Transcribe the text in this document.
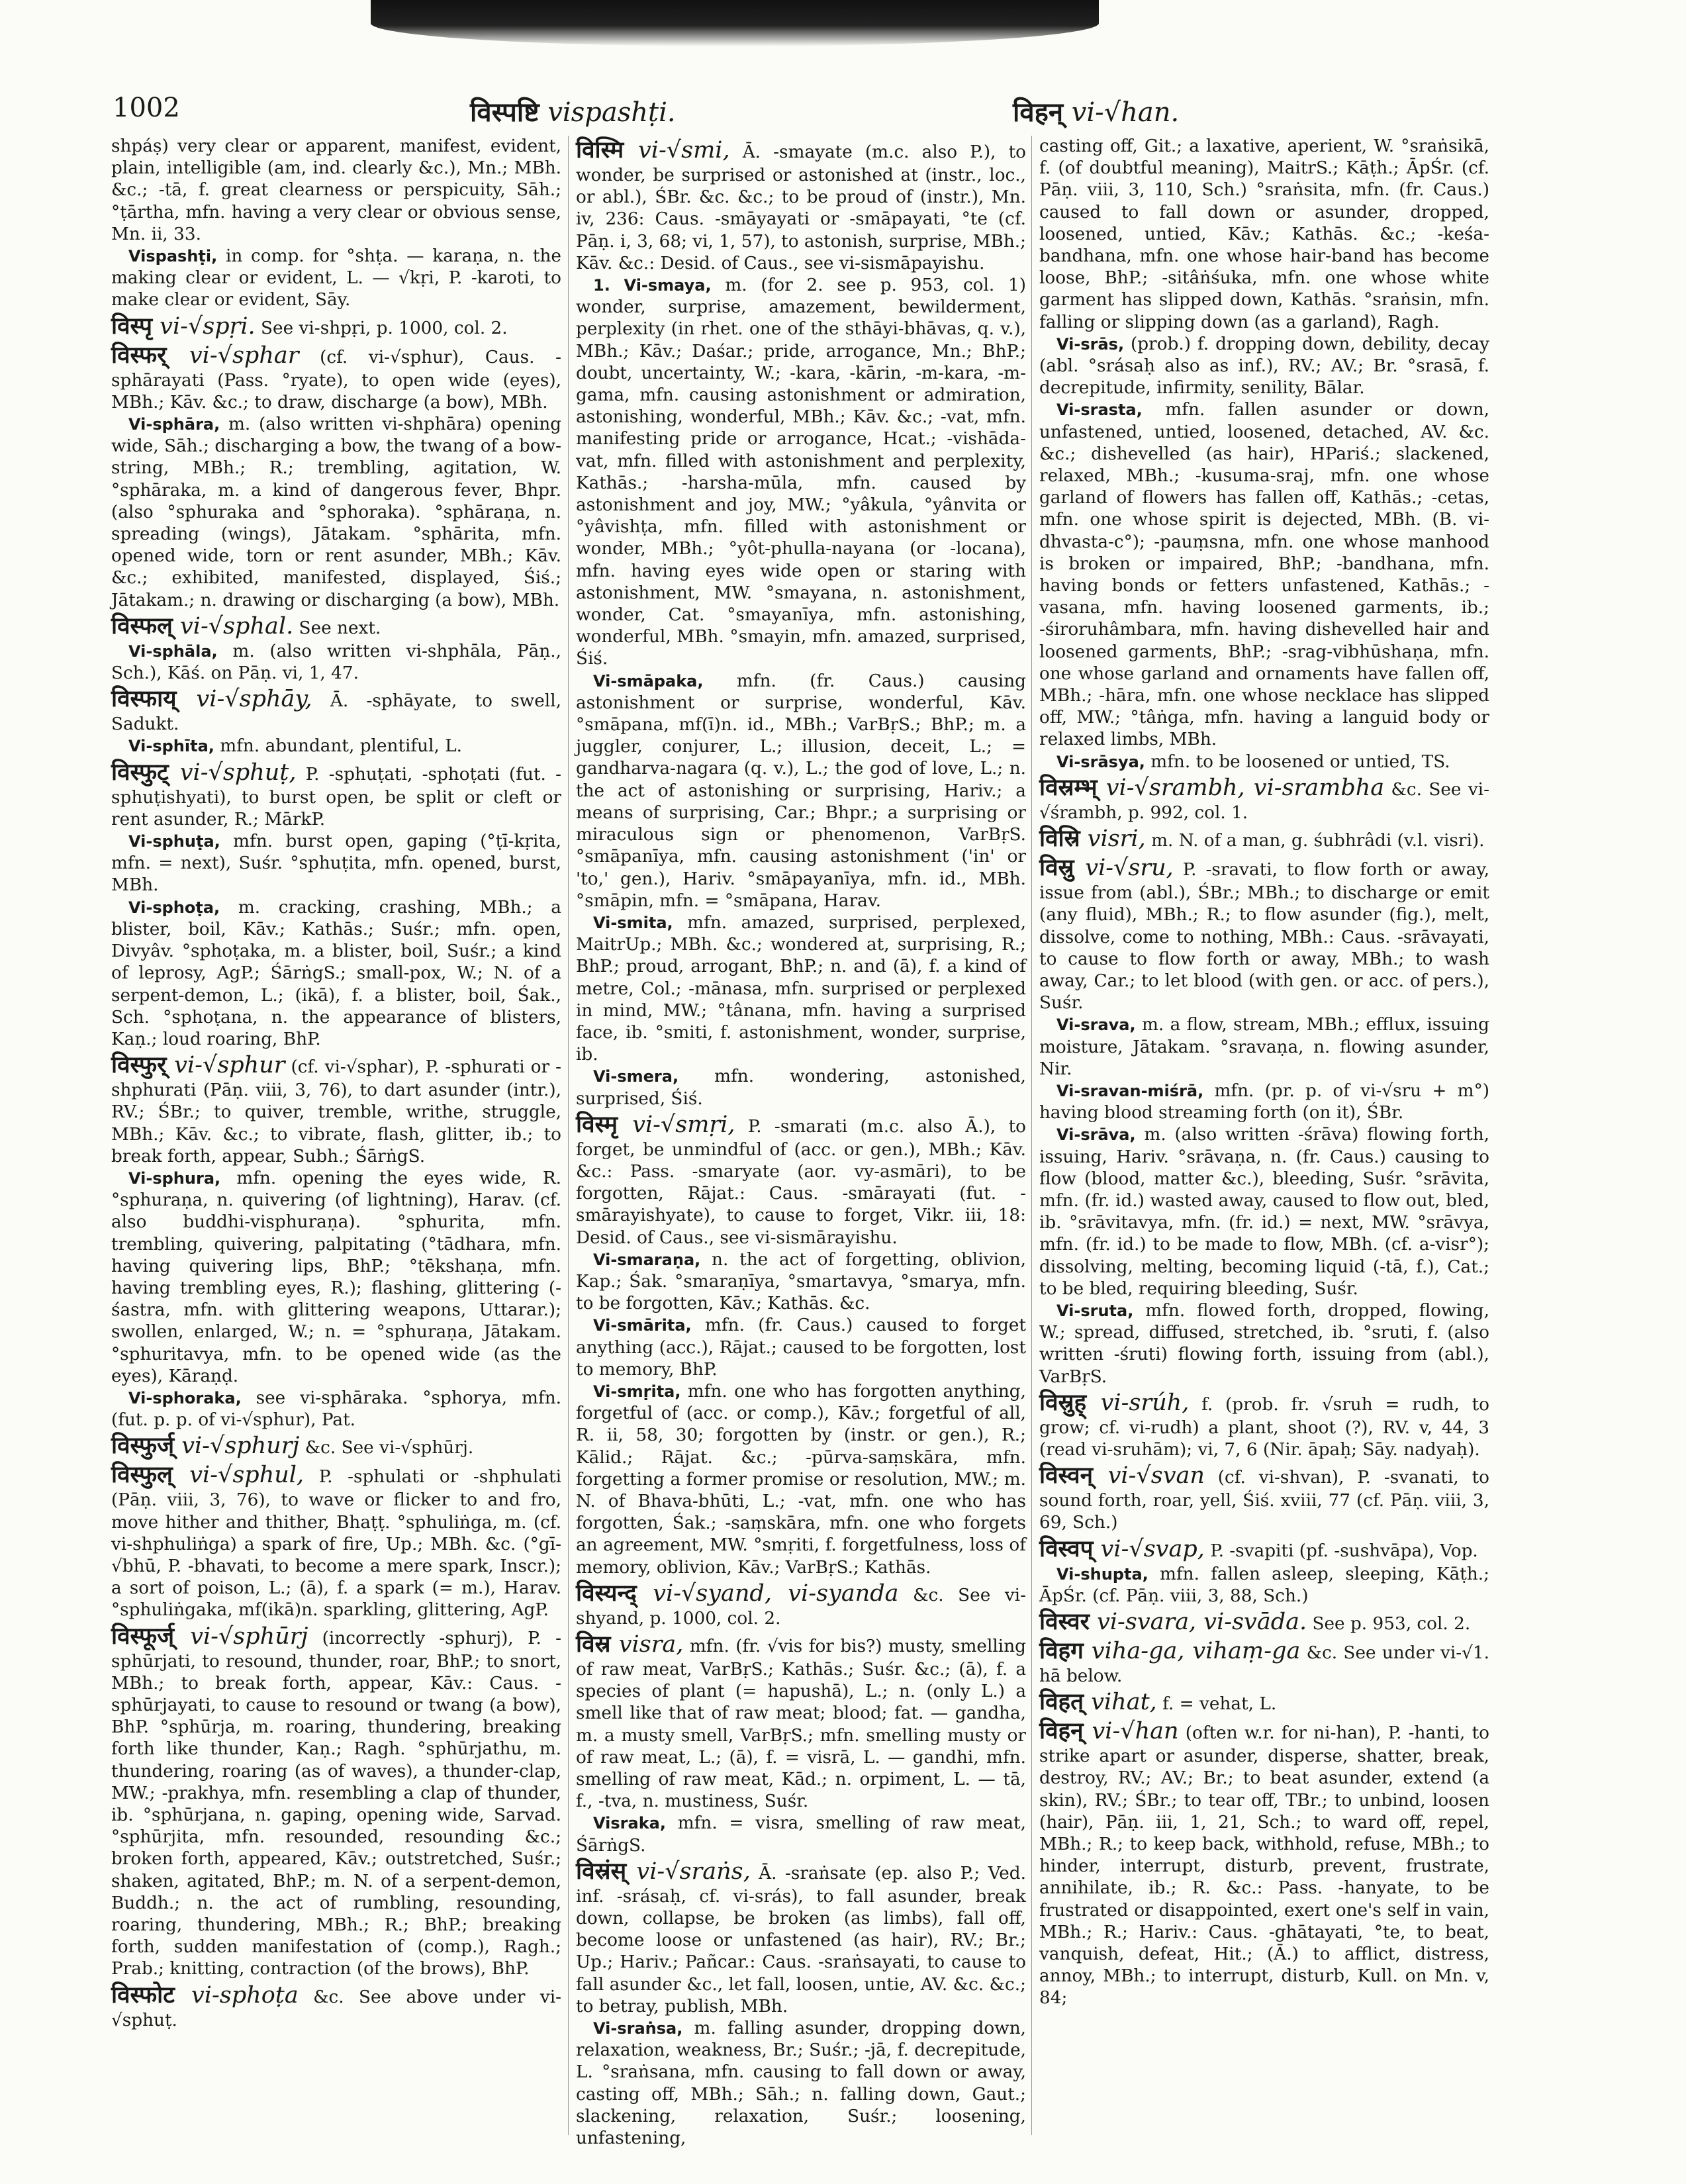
1002	विस्पष्टि vispashṭi.	विहन् vi-√han.

shpáṣ) very clear or apparent, manifest, evident, plain, intelligible (am, ind. clearly &c.), Mn.; MBh. &c.; -tā, f. great clearness or perspicuity, Sāh.; °ṭārtha, mfn. having a very clear or obvious sense, Mn. ii, 33.

Vispashṭi, in comp. for °shṭa. — karaṇa, n. the making clear or evident, L. — √kṛi, P. -karoti, to make clear or evident, Sāy.

विस्पृ vi-√spṛi. See vi-shpṛi, p. 1000, col. 2.

विस्फर् vi-√sphar (cf. vi-√sphur), Caus. -sphārayati (Pass. °ryate), to open wide (eyes), MBh.; Kāv. &c.; to draw, discharge (a bow), MBh.

Vi-sphāra, m. (also written vi-shphāra) opening wide, Sāh.; discharging a bow, the twang of a bow-string, MBh.; R.; trembling, agitation, W. °sphāraka, m. a kind of dangerous fever, Bhpr. (also °sphuraka and °sphoraka). °sphāraṇa, n. spreading (wings), Jātakam. °sphārita, mfn. opened wide, torn or rent asunder, MBh.; Kāv. &c.; exhibited, manifested, displayed, Śiś.; Jātakam.; n. drawing or discharging (a bow), MBh.

विस्फल् vi-√sphal. See next.

Vi-sphāla, m. (also written vi-shphāla, Pāṇ., Sch.), Kāś. on Pāṇ. vi, 1, 47.

विस्फाय् vi-√sphāy, Ā. -sphāyate, to swell, Sadukt.

Vi-sphīta, mfn. abundant, plentiful, L.

विस्फुट् vi-√sphuṭ, P. -sphuṭati, -sphoṭati (fut. -sphuṭishyati), to burst open, be split or cleft or rent asunder, R.; MārkP.

Vi-sphuṭa, mfn. burst open, gaping (°ṭī-kṛita, mfn. = next), Suśr. °sphuṭita, mfn. opened, burst, MBh.

Vi-sphoṭa, m. cracking, crashing, MBh.; a blister, boil, Kāv.; Kathās.; Suśr.; mfn. open, Divyâv. °sphoṭaka, m. a blister, boil, Suśr.; a kind of leprosy, AgP.; ŚārṅgS.; small-pox, W.; N. of a serpent-demon, L.; (ikā), f. a blister, boil, Śak., Sch. °sphoṭana, n. the appearance of blisters, Kaṇ.; loud roaring, BhP.

विस्फुर् vi-√sphur (cf. vi-√sphar), P. -sphurati or -shphurati (Pāṇ. viii, 3, 76), to dart asunder (intr.), RV.; ŚBr.; to quiver, tremble, writhe, struggle, MBh.; Kāv. &c.; to vibrate, flash, glitter, ib.; to break forth, appear, Subh.; ŚārṅgS.

Vi-sphura, mfn. opening the eyes wide, R. °sphuraṇa, n. quivering (of lightning), Harav. (cf. also buddhi-visphuraṇa). °sphurita, mfn. trembling, quivering, palpitating (°tādhara, mfn. having quivering lips, BhP.; °tēkshaṇa, mfn. having trembling eyes, R.); flashing, glittering (-śastra, mfn. with glittering weapons, Uttarar.); swollen, enlarged, W.; n. = °sphuraṇa, Jātakam. °sphuritavya, mfn. to be opened wide (as the eyes), Kāraṇḍ.

Vi-sphoraka, see vi-sphāraka. °sphorya, mfn. (fut. p. p. of vi-√sphur), Pat.

विस्फुर्ज् vi-√sphurj &c. See vi-√sphūrj.

विस्फुल् vi-√sphul, P. -sphulati or -shphulati (Pāṇ. viii, 3, 76), to wave or flicker to and fro, move hither and thither, Bhaṭṭ. °sphuliṅga, m. (cf. vi-shphuliṅga) a spark of fire, Up.; MBh. &c. (°gī-√bhū, P. -bhavati, to become a mere spark, Inscr.); a sort of poison, L.; (ā), f. a spark (= m.), Harav. °sphuliṅgaka, mf(ikā)n. sparkling, glittering, AgP.

विस्फूर्ज् vi-√sphūrj (incorrectly -sphurj), P. -sphūrjati, to resound, thunder, roar, BhP.; to snort, MBh.; to break forth, appear, Kāv.: Caus. -sphūrjayati, to cause to resound or twang (a bow), BhP. °sphūrja, m. roaring, thundering, breaking forth like thunder, Kaṇ.; Ragh. °sphūrjathu, m. thundering, roaring (as of waves), a thunder-clap, MW.; -prakhya, mfn. resembling a clap of thunder, ib. °sphūrjana, n. gaping, opening wide, Sarvad. °sphūrjita, mfn. resounded, resounding &c.; broken forth, appeared, Kāv.; outstretched, Suśr.; shaken, agitated, BhP.; m. N. of a serpent-demon, Buddh.; n. the act of rumbling, resounding, roaring, thundering, MBh.; R.; BhP.; breaking forth, sudden manifestation of (comp.), Ragh.; Prab.; knitting, contraction (of the brows), BhP.

विस्फोट vi-sphoṭa &c. See above under vi-√sphuṭ.

विस्मि vi-√smi, Ā. -smayate (m.c. also P.), to wonder, be surprised or astonished at (instr., loc., or abl.), ŚBr. &c. &c.; to be proud of (instr.), Mn. iv, 236: Caus. -smāyayati or -smāpayati, °te (cf. Pāṇ. i, 3, 68; vi, 1, 57), to astonish, surprise, MBh.; Kāv. &c.: Desid. of Caus., see vi-sismāpayishu.

1. Vi-smaya, m. (for 2. see p. 953, col. 1) wonder, surprise, amazement, bewilderment, perplexity (in rhet. one of the sthāyi-bhāvas, q. v.), MBh.; Kāv.; Daśar.; pride, arrogance, Mn.; BhP.; doubt, uncertainty, W.; -kara, -kārin, -m-kara, -m-gama, mfn. causing astonishment or admiration, astonishing, wonderful, MBh.; Kāv. &c.; -vat, mfn. manifesting pride or arrogance, Hcat.; -vishāda-vat, mfn. filled with astonishment and perplexity, Kathās.; -harsha-mūla, mfn. caused by astonishment and joy, MW.; °yâkula, °yânvita or °yâvishṭa, mfn. filled with astonishment or wonder, MBh.; °yôt-phulla-nayana (or -locana), mfn. having eyes wide open or staring with astonishment, MW. °smayana, n. astonishment, wonder, Cat. °smayanīya, mfn. astonishing, wonderful, MBh. °smayin, mfn. amazed, surprised, Śiś.

Vi-smāpaka, mfn. (fr. Caus.) causing astonishment or surprise, wonderful, Kāv. °smāpana, mf(ī)n. id., MBh.; VarBṛS.; BhP.; m. a juggler, conjurer, L.; illusion, deceit, L.; = gandharva-nagara (q. v.), L.; the god of love, L.; n. the act of astonishing or surprising, Hariv.; a means of surprising, Car.; Bhpr.; a surprising or miraculous sign or phenomenon, VarBṛS. °smāpanīya, mfn. causing astonishment ('in' or 'to,' gen.), Hariv. °smāpayanīya, mfn. id., MBh. °smāpin, mfn. = °smāpana, Harav.

Vi-smita, mfn. amazed, surprised, perplexed, MaitrUp.; MBh. &c.; wondered at, surprising, R.; BhP.; proud, arrogant, BhP.; n. and (ā), f. a kind of metre, Col.; -mānasa, mfn. surprised or perplexed in mind, MW.; °tânana, mfn. having a surprised face, ib. °smiti, f. astonishment, wonder, surprise, ib.

Vi-smera, mfn. wondering, astonished, surprised, Śiś.

विस्मृ vi-√smṛi, P. -smarati (m.c. also Ā.), to forget, be unmindful of (acc. or gen.), MBh.; Kāv. &c.: Pass. -smaryate (aor. vy-asmāri), to be forgotten, Rājat.: Caus. -smārayati (fut. -smārayishyate), to cause to forget, Vikr. iii, 18: Desid. of Caus., see vi-sismārayishu.

Vi-smaraṇa, n. the act of forgetting, oblivion, Kap.; Śak. °smaraṇīya, °smartavya, °smarya, mfn. to be forgotten, Kāv.; Kathās. &c.

Vi-smārita, mfn. (fr. Caus.) caused to forget anything (acc.), Rājat.; caused to be forgotten, lost to memory, BhP.

Vi-smṛita, mfn. one who has forgotten anything, forgetful of (acc. or comp.), Kāv.; forgetful of all, R. ii, 58, 30; forgotten by (instr. or gen.), R.; Kālid.; Rājat. &c.; -pūrva-saṃskāra, mfn. forgetting a former promise or resolution, MW.; m. N. of Bhava-bhūti, L.; -vat, mfn. one who has forgotten, Śak.; -saṃskāra, mfn. one who forgets an agreement, MW. °smṛiti, f. forgetfulness, loss of memory, oblivion, Kāv.; VarBṛS.; Kathās.

विस्यन्द् vi-√syand, vi-syanda &c. See vi-shyand, p. 1000, col. 2.

विस्र visra, mfn. (fr. √vis for bis?) musty, smelling of raw meat, VarBṛS.; Kathās.; Suśr. &c.; (ā), f. a species of plant (= hapushā), L.; n. (only L.) a smell like that of raw meat; blood; fat. — gandha, m. a musty smell, VarBṛS.; mfn. smelling musty or of raw meat, L.; (ā), f. = visrā, L. — gandhi, mfn. smelling of raw meat, Kād.; n. orpiment, L. — tā, f., -tva, n. mustiness, Suśr.

Visraka, mfn. = visra, smelling of raw meat, ŚārṅgS.

विस्रंस् vi-√sraṅs, Ā. -sraṅsate (ep. also P.; Ved. inf. -srásaḥ, cf. vi-srás), to fall asunder, break down, collapse, be broken (as limbs), fall off, become loose or unfastened (as hair), RV.; Br.; Up.; Hariv.; Pañcar.: Caus. -sraṅsayati, to cause to fall asunder &c., let fall, loosen, untie, AV. &c. &c.; to betray, publish, MBh.

Vi-sraṅsa, m. falling asunder, dropping down, relaxation, weakness, Br.; Suśr.; -jā, f. decrepitude, L. °sraṅsana, mfn. causing to fall down or away, casting off, MBh.; Sāh.; n. falling down, Gaut.; slackening, relaxation, Suśr.; loosening, unfastening,

casting off, Git.; a laxative, aperient, W. °sraṅsikā, f. (of doubtful meaning), MaitrS.; Kāṭh.; ĀpŚr. (cf. Pāṇ. viii, 3, 110, Sch.) °sraṅsita, mfn. (fr. Caus.) caused to fall down or asunder, dropped, loosened, untied, Kāv.; Kathās. &c.; -keśa-bandhana, mfn. one whose hair-band has become loose, BhP.; -sitâṅśuka, mfn. one whose white garment has slipped down, Kathās. °sraṅsin, mfn. falling or slipping down (as a garland), Ragh.

Vi-srās, (prob.) f. dropping down, debility, decay (abl. °srásaḥ also as inf.), RV.; AV.; Br. °srasā, f. decrepitude, infirmity, senility, Bālar.

Vi-srasta, mfn. fallen asunder or down, unfastened, untied, loosened, detached, AV. &c. &c.; dishevelled (as hair), HPariś.; slackened, relaxed, MBh.; -kusuma-sraj, mfn. one whose garland of flowers has fallen off, Kathās.; -cetas, mfn. one whose spirit is dejected, MBh. (B. vi-dhvasta-c°); -pauṃsna, mfn. one whose manhood is broken or impaired, BhP.; -bandhana, mfn. having bonds or fetters unfastened, Kathās.; -vasana, mfn. having loosened garments, ib.; -śiroruhâmbara, mfn. having dishevelled hair and loosened garments, BhP.; -srag-vibhūshaṇa, mfn. one whose garland and ornaments have fallen off, MBh.; -hāra, mfn. one whose necklace has slipped off, MW.; °tâṅga, mfn. having a languid body or relaxed limbs, MBh.

Vi-srāsya, mfn. to be loosened or untied, TS.

विस्रम्भ् vi-√srambh, vi-srambha &c. See vi-√śrambh, p. 992, col. 1.

विस्रि visri, m. N. of a man, g. śubhrâdi (v.l. visri).

विस्रु vi-√sru, P. -sravati, to flow forth or away, issue from (abl.), ŚBr.; MBh.; to discharge or emit (any fluid), MBh.; R.; to flow asunder (fig.), melt, dissolve, come to nothing, MBh.: Caus. -srāvayati, to cause to flow forth or away, MBh.; to wash away, Car.; to let blood (with gen. or acc. of pers.), Suśr.

Vi-srava, m. a flow, stream, MBh.; efflux, issuing moisture, Jātakam. °sravaṇa, n. flowing asunder, Nir.

Vi-sravan-miśrā, mfn. (pr. p. of vi-√sru + m°) having blood streaming forth (on it), ŚBr.

Vi-srāva, m. (also written -śrāva) flowing forth, issuing, Hariv. °srāvaṇa, n. (fr. Caus.) causing to flow (blood, matter &c.), bleeding, Suśr. °srāvita, mfn. (fr. id.) wasted away, caused to flow out, bled, ib. °srāvitavya, mfn. (fr. id.) = next, MW. °srāvya, mfn. (fr. id.) to be made to flow, MBh. (cf. a-visr°); dissolving, melting, becoming liquid (-tā, f.), Cat.; to be bled, requiring bleeding, Suśr.

Vi-sruta, mfn. flowed forth, dropped, flowing, W.; spread, diffused, stretched, ib. °sruti, f. (also written -śruti) flowing forth, issuing from (abl.), VarBṛS.

विस्रुह् vi-srúh, f. (prob. fr. √sruh = rudh, to grow; cf. vi-rudh) a plant, shoot (?), RV. v, 44, 3 (read vi-sruhām); vi, 7, 6 (Nir. āpaḥ; Sāy. nadyaḥ).

विस्वन् vi-√svan (cf. vi-shvan), P. -svanati, to sound forth, roar, yell, Śiś. xviii, 77 (cf. Pāṇ. viii, 3, 69, Sch.)

विस्वप् vi-√svap, P. -svapiti (pf. -sushvāpa), Vop.

Vi-shupta, mfn. fallen asleep, sleeping, Kāṭh.; ĀpŚr. (cf. Pāṇ. viii, 3, 88, Sch.)

विस्वर vi-svara, vi-svāda. See p. 953, col. 2.

विहग viha-ga, vihaṃ-ga &c. See under vi-√1. hā below.

विहत् vihat, f. = vehat, L.

विहन् vi-√han (often w.r. for ni-han), P. -hanti, to strike apart or asunder, disperse, shatter, break, destroy, RV.; AV.; Br.; to beat asunder, extend (a skin), RV.; ŚBr.; to tear off, TBr.; to unbind, loosen (hair), Pāṇ. iii, 1, 21, Sch.; to ward off, repel, MBh.; R.; to keep back, withhold, refuse, MBh.; to hinder, interrupt, disturb, prevent, frustrate, annihilate, ib.; R. &c.: Pass. -hanyate, to be frustrated or disappointed, exert one's self in vain, MBh.; R.; Hariv.: Caus. -ghātayati, °te, to beat, vanquish, defeat, Hit.; (Ā.) to afflict, distress, annoy, MBh.; to interrupt, disturb, Kull. on Mn. v, 84;
